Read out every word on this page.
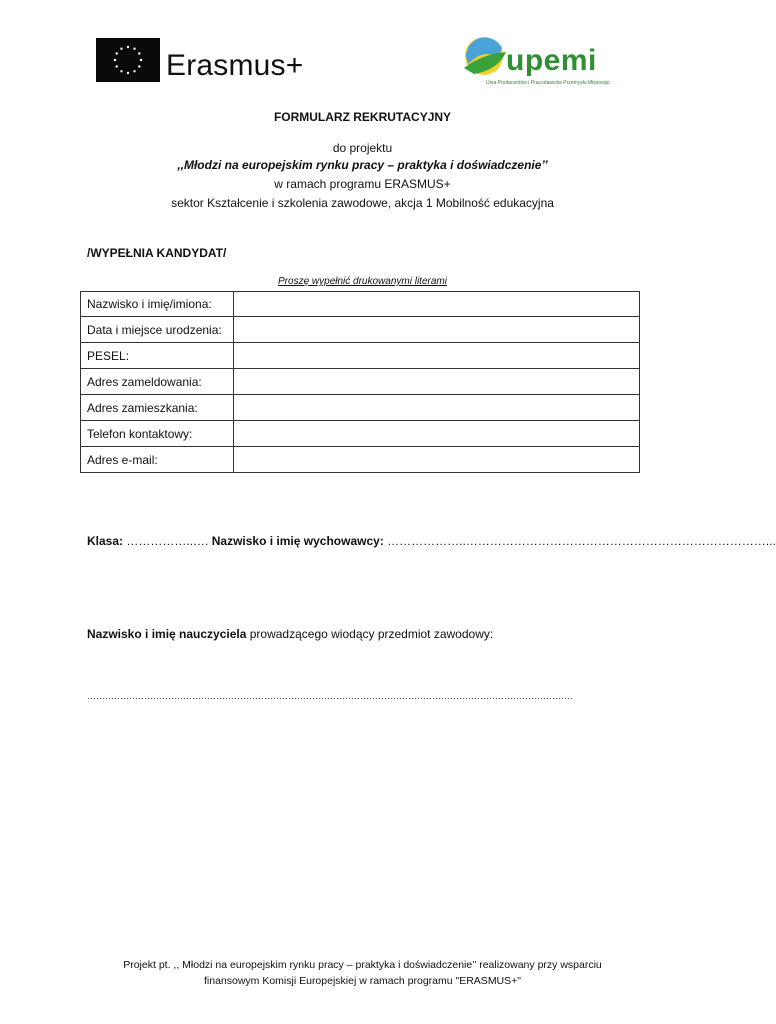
Erasmus+	upemi
Unia Producentów i Pracodawców Przemysłu Mięsnego
FORMULARZ REKRUTACYJNY
do projektu
,,Młodzi na europejskim rynku pracy – praktyka i doświadczenie’’
w ramach programu ERASMUS+
sektor Kształcenie i szkolenia zawodowe, akcja 1 Mobilność edukacyjna
/WYPEŁNIA KANDYDAT/
Proszę wypełnić drukowanymi literami
Nazwisko i imię/imiona:	
Data i miejsce urodzenia:	
PESEL:	
Adres zameldowania:	
Adres zamieszkania:	
Telefon kontaktowy:	
Adres e-mail:	
Klasa: ……………..…. Nazwisko i imię wychowawcy: ………………..…………………………………………………………………...
Nazwisko i imię nauczyciela prowadzącego wiodący przedmiot zawodowy:
………………………………………………………………………………………………………………………………………………
Projekt pt. ,, Młodzi na europejskim rynku pracy – praktyka i doświadczenie’’ realizowany przy wsparciu
finansowym Komisji Europejskiej w ramach programu "ERASMUS+"
